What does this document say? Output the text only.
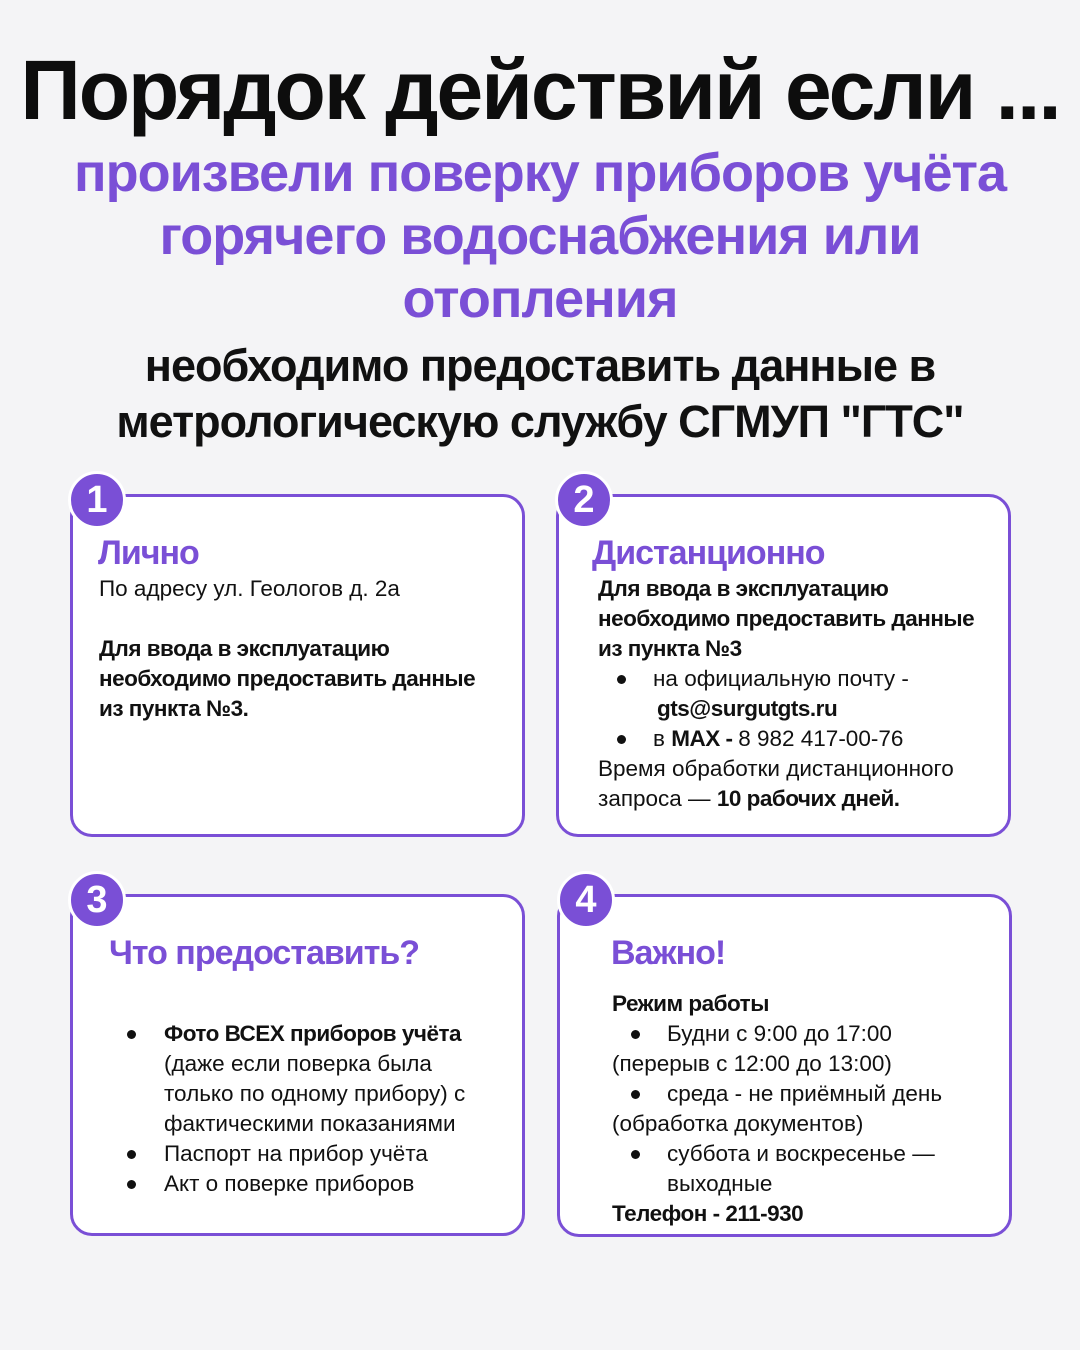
Порядок действий если ...
произвели поверку приборов учёта
горячего водоснабжения или
отопления
необходимо предоставить данные в
метрологическую службу СГМУП "ГТС"
1
Лично
По адресу ул. Геологов д. 2а
Для ввода в эксплуатацию
необходимо предоставить данные
из пункта №3.
2
Дистанционно
Для ввода в эксплуатацию
необходимо предоставить данные
из пункта №3
на официальную почту -
gts@surgutgts.ru
в MAX - 8 982 417-00-76
Время обработки дистанционного
запроса — 10 рабочих дней.
3
Что предоставить?
Фото ВСЕХ приборов учёта
(даже если поверка была
только по одному прибору) с
фактическими показаниями
Паспорт на прибор учёта
Акт о поверке приборов
4
Важно!
Режим работы
Будни с 9:00 до 17:00
(перерыв с 12:00 до 13:00)
среда - не приёмный день
(обработка документов)
суббота и воскресенье —
выходные
Телефон - 211-930
